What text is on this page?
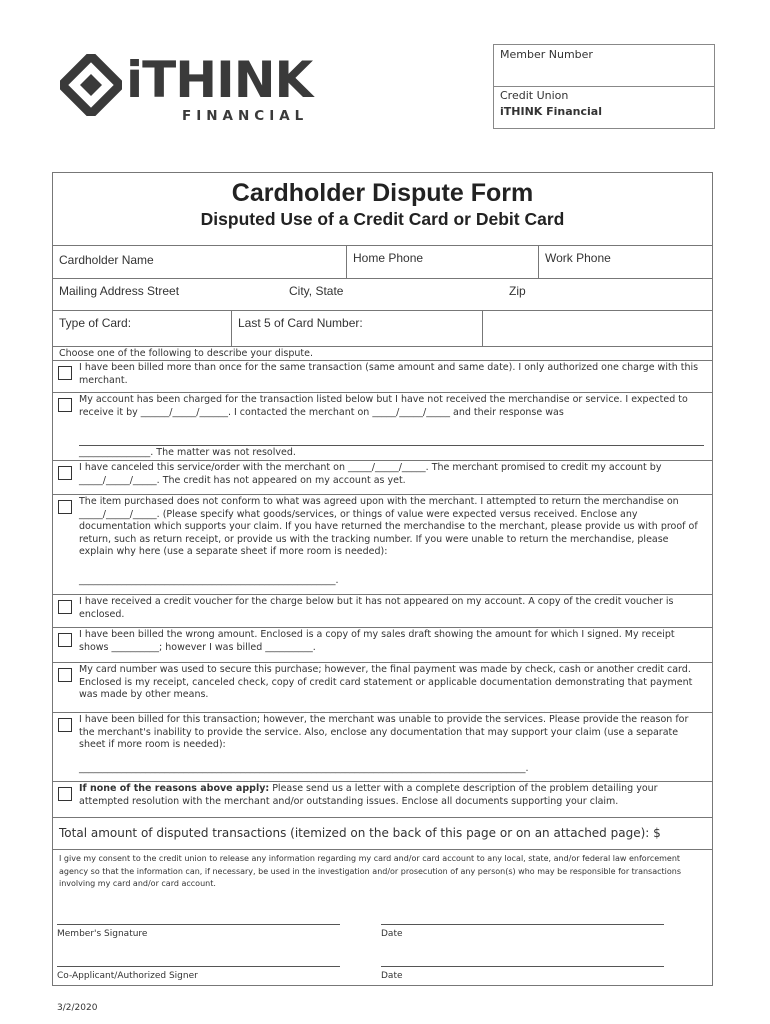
iTHINK
FINANCIAL
Member Number
Credit Union
iTHINK Financial
Cardholder Dispute Form
Disputed Use of a Credit Card or Debit Card
Cardholder Name	Home Phone	Work Phone
Mailing Address Street	City, State	Zip
Type of Card:	Last 5 of Card Number:
Choose one of the following to describe your dispute.
I have been billed more than once for the same transaction (same amount and same date). I only authorized one charge with this merchant.
My account has been charged for the transaction listed below but I have not received the merchandise or service. I expected to receive it by ______/_____/______. I contacted the merchant on _____/_____/_____ and their response was
_______________. The matter was not resolved.
I have canceled this service/order with the merchant on _____/_____/_____. The merchant promised to credit my account by _____/_____/_____. The credit has not appeared on my account as yet.
The item purchased does not conform to what was agreed upon with the merchant. I attempted to return the merchandise on _____/_____/_____. (Please specify what goods/services, or things of value were expected versus received. Enclose any documentation which supports your claim. If you have returned the merchandise to the merchant, please provide us with proof of return, such as return receipt, or provide us with the tracking number. If you were unable to return the merchandise, please explain why here (use a separate sheet if more room is needed):
______________________________________________________.
I have received a credit voucher for the charge below but it has not appeared on my account. A copy of the credit voucher is enclosed.
I have been billed the wrong amount. Enclosed is a copy of my sales draft showing the amount for which I signed. My receipt shows __________; however I was billed __________.
My card number was used to secure this purchase; however, the final payment was made by check, cash or another credit card. Enclosed is my receipt, canceled check, copy of credit card statement or applicable documentation demonstrating that payment was made by other means.
I have been billed for this transaction; however, the merchant was unable to provide the services. Please provide the reason for the merchant's inability to provide the service. Also, enclose any documentation that may support your claim (use a separate sheet if more room is needed):
______________________________________________________________________________________________.
If none of the reasons above apply: Please send us a letter with a complete description of the problem detailing your attempted resolution with the merchant and/or outstanding issues. Enclose all documents supporting your claim.
Total amount of disputed transactions (itemized on the back of this page or on an attached page): $
I give my consent to the credit union to release any information regarding my card and/or card account to any local, state, and/or federal law enforcement agency so that the information can, if necessary, be used in the investigation and/or prosecution of any person(s) who may be responsible for transactions involving my card and/or card account.
Member's Signature	Date
Co-Applicant/Authorized Signer	Date
3/2/2020
